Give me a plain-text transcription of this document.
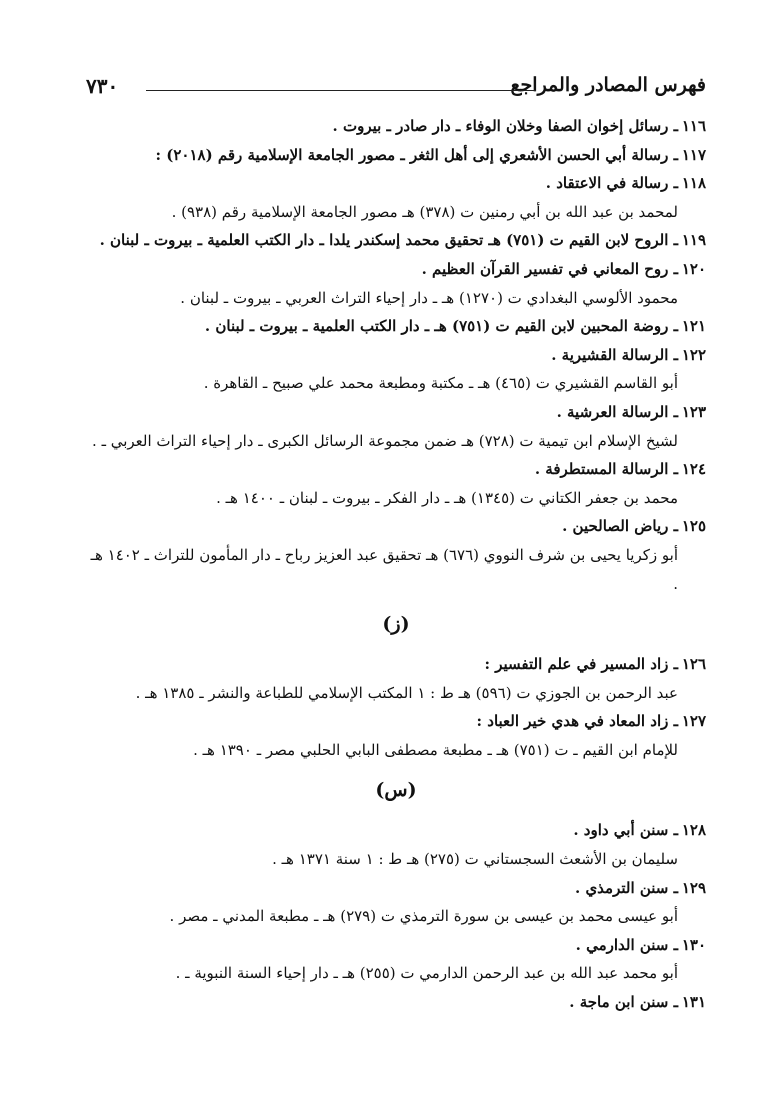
فهرس المصادر والمراجع
٧٣٠
١١٦ـ رسائل إخوان الصفا وخلان الوفاء ـ دار صادر ـ بيروت .
١١٧ـ رسالة أبي الحسن الأشعري إلى أهل الثغر ـ مصور الجامعة الإسلامية رقم (٢٠١٨) :
١١٨ـ رسالة في الاعتقاد .
لمحمد بن عبد الله بن أبي رمنين ت (٣٧٨) هـ مصور الجامعة الإسلامية رقم (٩٣٨) .
١١٩ـ الروح لابن القيم ت (٧٥١) هـ تحقيق محمد إسكندر يلدا ـ دار الكتب العلمية ـ بيروت ـ لبنان .
١٢٠ـ روح المعاني في تفسير القرآن العظيم .
محمود الألوسي البغدادي ت (١٢٧٠) هـ ـ دار إحياء التراث العربي ـ بيروت ـ لبنان .
١٢١ـ روضة المحبين لابن القيم ت (٧٥١) هـ ـ دار الكتب العلمية ـ بيروت ـ لبنان .
١٢٢ـ الرسالة القشيرية .
أبو القاسم القشيري ت (٤٦٥) هـ ـ مكتبة ومطبعة محمد علي صبيح ـ القاهرة .
١٢٣ـ الرسالة العرشية .
لشيخ الإسلام ابن تيمية ت (٧٢٨) هـ ضمن مجموعة الرسائل الكبرى ـ دار إحياء التراث العربي ـ .
١٢٤ـ الرسالة المستطرفة .
محمد بن جعفر الكتاني ت (١٣٤٥) هـ ـ دار الفكر ـ بيروت ـ لبنان ـ ١٤٠٠ هـ .
١٢٥ـ رياض الصالحين .
أبو زكريا يحيى بن شرف النووي (٦٧٦) هـ تحقيق عبد العزيز رباح ـ دار المأمون للتراث ـ ١٤٠٢ هـ .
(ز)
١٢٦ـ زاد المسير في علم التفسير :
عبد الرحمن بن الجوزي ت (٥٩٦) هـ ط : ١ المكتب الإسلامي للطباعة والنشر ـ ١٣٨٥ هـ .
١٢٧ـ زاد المعاد في هدي خير العباد :
للإمام ابن القيم ـ ت (٧٥١) هـ ـ مطبعة مصطفى البابي الحلبي مصر ـ ١٣٩٠ هـ .
(س)
١٢٨ـ سنن أبي داود .
سليمان بن الأشعث السجستاني ت (٢٧٥) هـ ط : ١ سنة ١٣٧١ هـ .
١٢٩ـ سنن الترمذي .
أبو عيسى محمد بن عيسى بن سورة الترمذي ت (٢٧٩) هـ ـ مطبعة المدني ـ مصر .
١٣٠ـ سنن الدارمي .
أبو محمد عبد الله بن عبد الرحمن الدارمي ت (٢٥٥) هـ ـ دار إحياء السنة النبوية ـ .
١٣١ـ سنن ابن ماجة .
